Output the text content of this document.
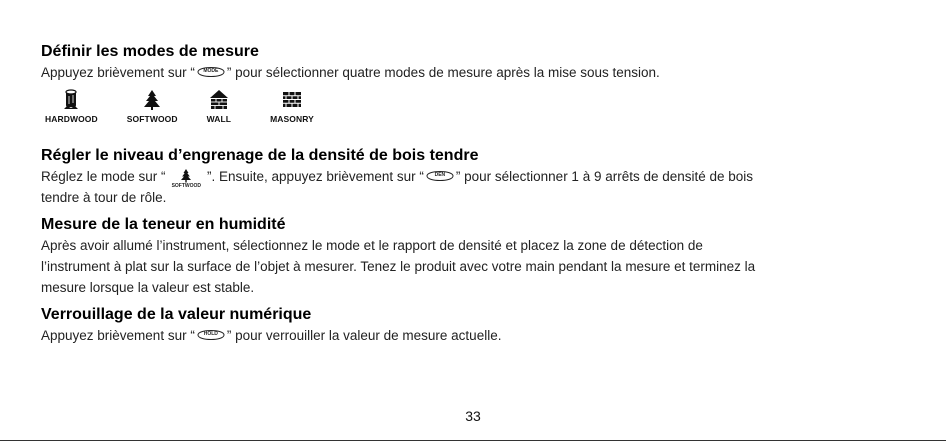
Définir les modes de mesure

Appuyez brièvement sur “	MODE ” pour sélectionner quatre modes de mesure après la mise sous tension.

HARDWOOD	SOFTWOOD	WALL	MASONRY
Régler le niveau d’engrenage de la densité de bois tendre

Réglez le mode sur “
SOFTWOOD
”. Ensuite, appuyez brièvement sur “	DEN ” pour sélectionner 1 à 9 arrêts de densité de bois

tendre à tour de rôle.

Mesure de la teneur en humidité

Après avoir allumé l’instrument, sélectionnez le mode et le rapport de densité et placez la zone de détection de

l’instrument à plat sur la surface de l’objet à mesurer. Tenez le produit avec votre main pendant la mesure et terminez la

mesure lorsque la valeur est stable.

Verrouillage de la valeur numérique

Appuyez brièvement sur “	HOLD ” pour verrouiller la valeur de mesure actuelle.

33
